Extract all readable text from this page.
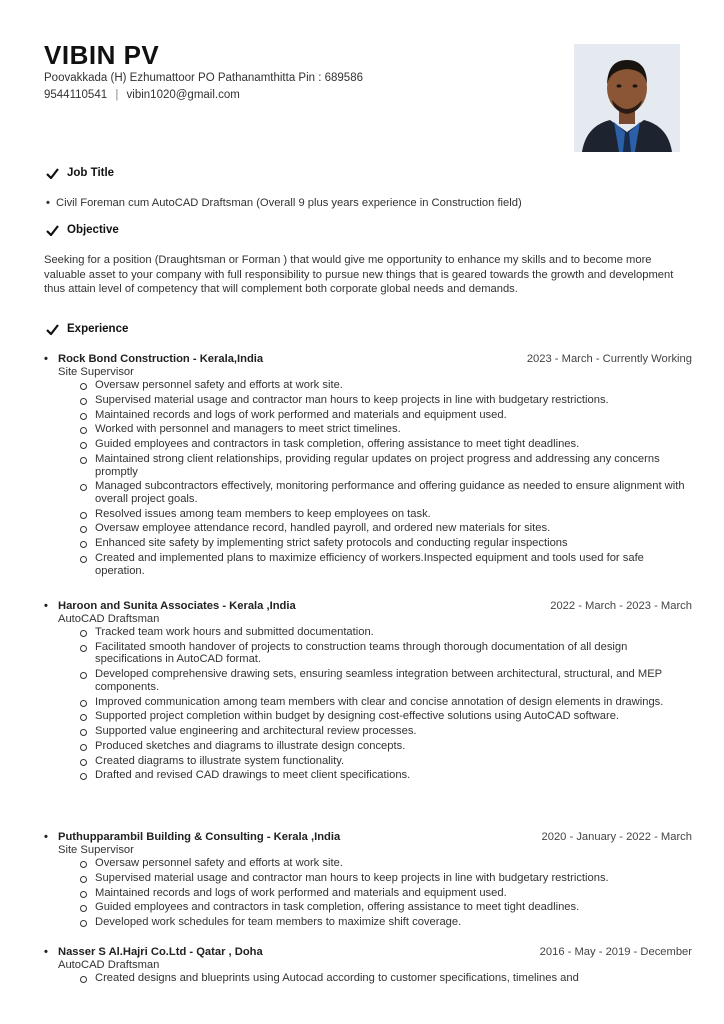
VIBIN PV
Poovakkada (H) Ezhumattoor PO Pathanamthitta Pin : 689586
9544110541 | vibin1020@gmail.com
Job Title
• Civil Foreman cum AutoCAD Draftsman (Overall 9 plus years experience in Construction field)
Objective
Seeking for a position (Draughtsman or Forman ) that would give me opportunity to enhance my skills and to become more valuable asset to your company with full responsibility to pursue new things that is geared towards the growth and development thus attain level of competency that will complement both corporate global needs and demands.
Experience
• Rock Bond Construction - Kerala,India	2023 - March - Currently Working
Site Supervisor
Oversaw personnel safety and efforts at work site.
Supervised material usage and contractor man hours to keep projects in line with budgetary restrictions.
Maintained records and logs of work performed and materials and equipment used.
Worked with personnel and managers to meet strict timelines.
Guided employees and contractors in task completion, offering assistance to meet tight deadlines.
Maintained strong client relationships, providing regular updates on project progress and addressing any concerns promptly
Managed subcontractors effectively, monitoring performance and offering guidance as needed to ensure alignment with overall project goals.
Resolved issues among team members to keep employees on task.
Oversaw employee attendance record, handled payroll, and ordered new materials for sites.
Enhanced site safety by implementing strict safety protocols and conducting regular inspections
Created and implemented plans to maximize efficiency of workers.Inspected equipment and tools used for safe operation.
• Haroon and Sunita Associates - Kerala ,India	2022 - March - 2023 - March
AutoCAD Draftsman
Tracked team work hours and submitted documentation.
Facilitated smooth handover of projects to construction teams through thorough documentation of all design specifications in AutoCAD format.
Developed comprehensive drawing sets, ensuring seamless integration between architectural, structural, and MEP components.
Improved communication among team members with clear and concise annotation of design elements in drawings.
Supported project completion within budget by designing cost-effective solutions using AutoCAD software.
Supported value engineering and architectural review processes.
Produced sketches and diagrams to illustrate design concepts.
Created diagrams to illustrate system functionality.
Drafted and revised CAD drawings to meet client specifications.
• Puthupparambil Building & Consulting - Kerala ,India	2020 - January - 2022 - March
Site Supervisor
Oversaw personnel safety and efforts at work site.
Supervised material usage and contractor man hours to keep projects in line with budgetary restrictions.
Maintained records and logs of work performed and materials and equipment used.
Guided employees and contractors in task completion, offering assistance to meet tight deadlines.
Developed work schedules for team members to maximize shift coverage.
• Nasser S Al.Hajri Co.Ltd - Qatar , Doha	2016 - May - 2019 - December
AutoCAD Draftsman
Created designs and blueprints using Autocad according to customer specifications, timelines and
